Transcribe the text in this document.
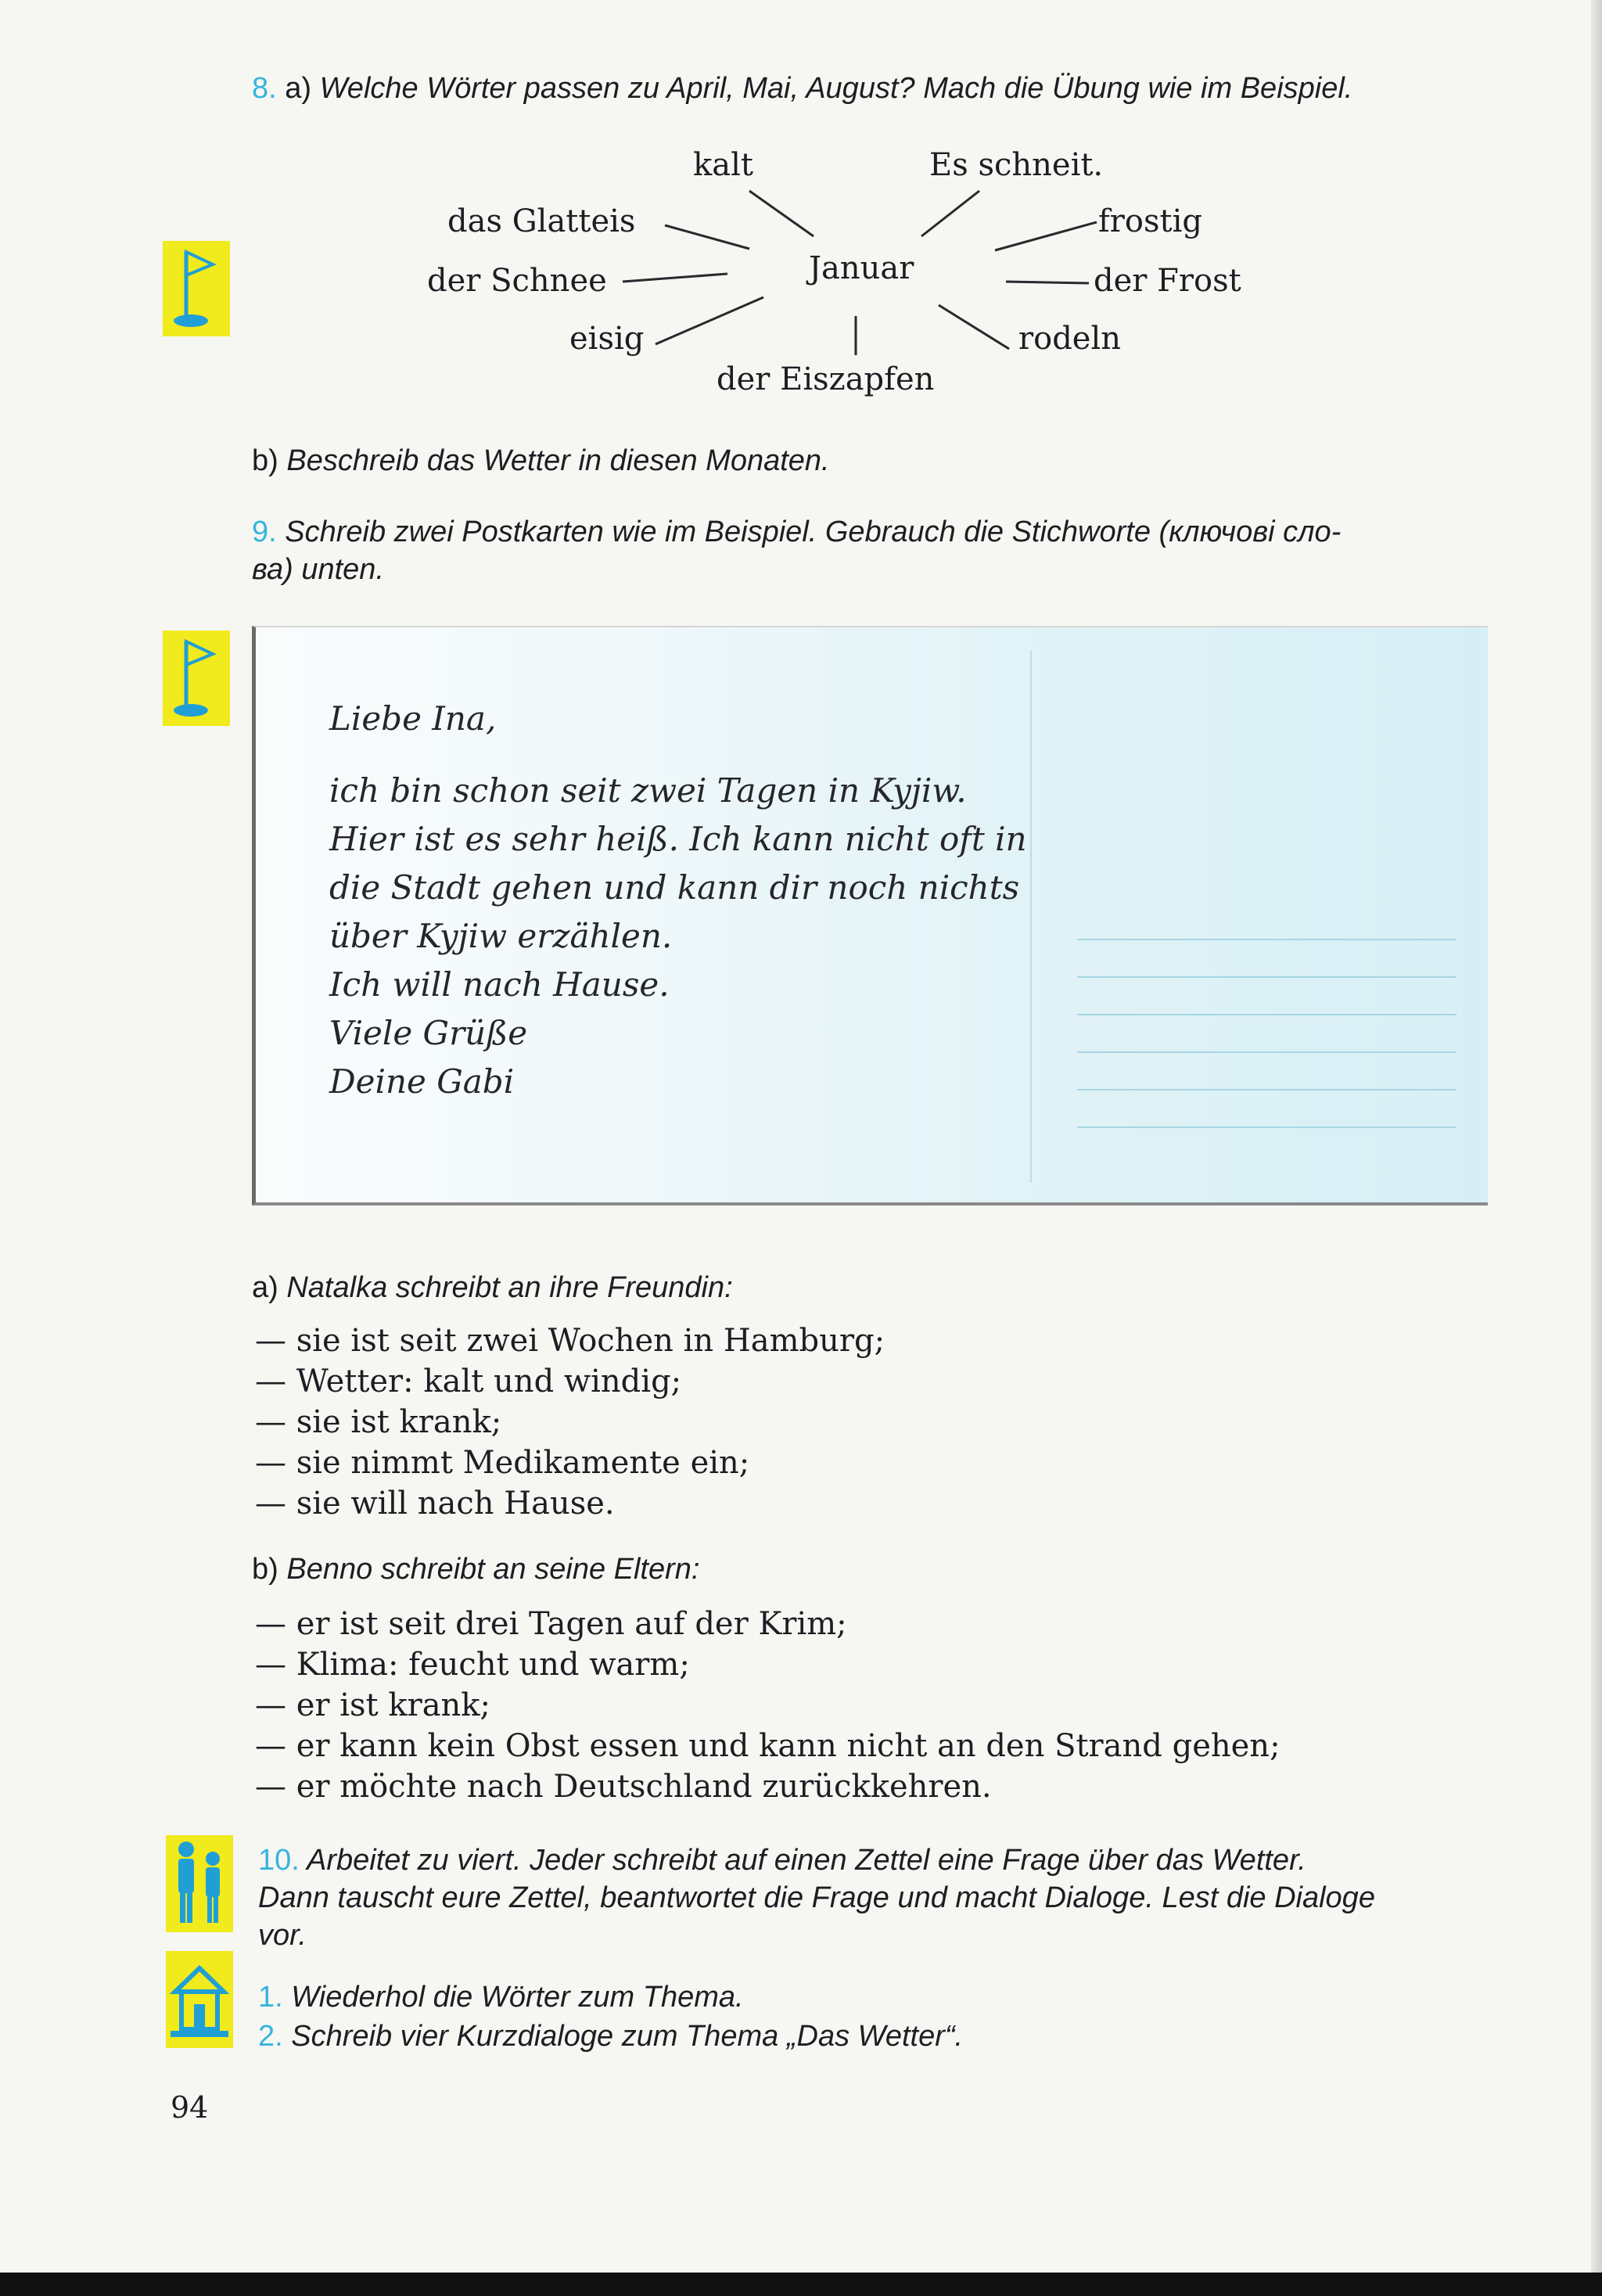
8. a) Welche Wörter passen zu April, Mai, August? Mach die Übung wie im Beispiel.
kalt	Es schneit.
das Glatteis	frostig
der Schnee	der Frost
Januar
eisig	rodeln
der Eiszapfen
b) Beschreib das Wetter in diesen Monaten.
9. Schreib zwei Postkarten wie im Beispiel. Gebrauch die Stichworte (ключові сло-
ва) unten.
Liebe Ina,
ich bin schon seit zwei Tagen in Kyjiw.
Hier ist es sehr heiß. Ich kann nicht oft in
die Stadt gehen und kann dir noch nichts
über Kyjiw erzählen.
Ich will nach Hause.
Viele Grüße
Deine Gabi
a) Natalka schreibt an ihre Freundin:
— sie ist seit zwei Wochen in Hamburg;
— Wetter: kalt und windig;
— sie ist krank;
— sie nimmt Medikamente ein;
— sie will nach Hause.
b) Benno schreibt an seine Eltern:
— er ist seit drei Tagen auf der Krim;
— Klima: feucht und warm;
— er ist krank;
— er kann kein Obst essen und kann nicht an den Strand gehen;
— er möchte nach Deutschland zurückkehren.
10. Arbeitet zu viert. Jeder schreibt auf einen Zettel eine Frage über das Wetter.
Dann tauscht eure Zettel, beantwortet die Frage und macht Dialoge. Lest die Dialoge
vor.
1. Wiederhol die Wörter zum Thema.
2. Schreib vier Kurzdialoge zum Thema „Das Wetter“.
94
